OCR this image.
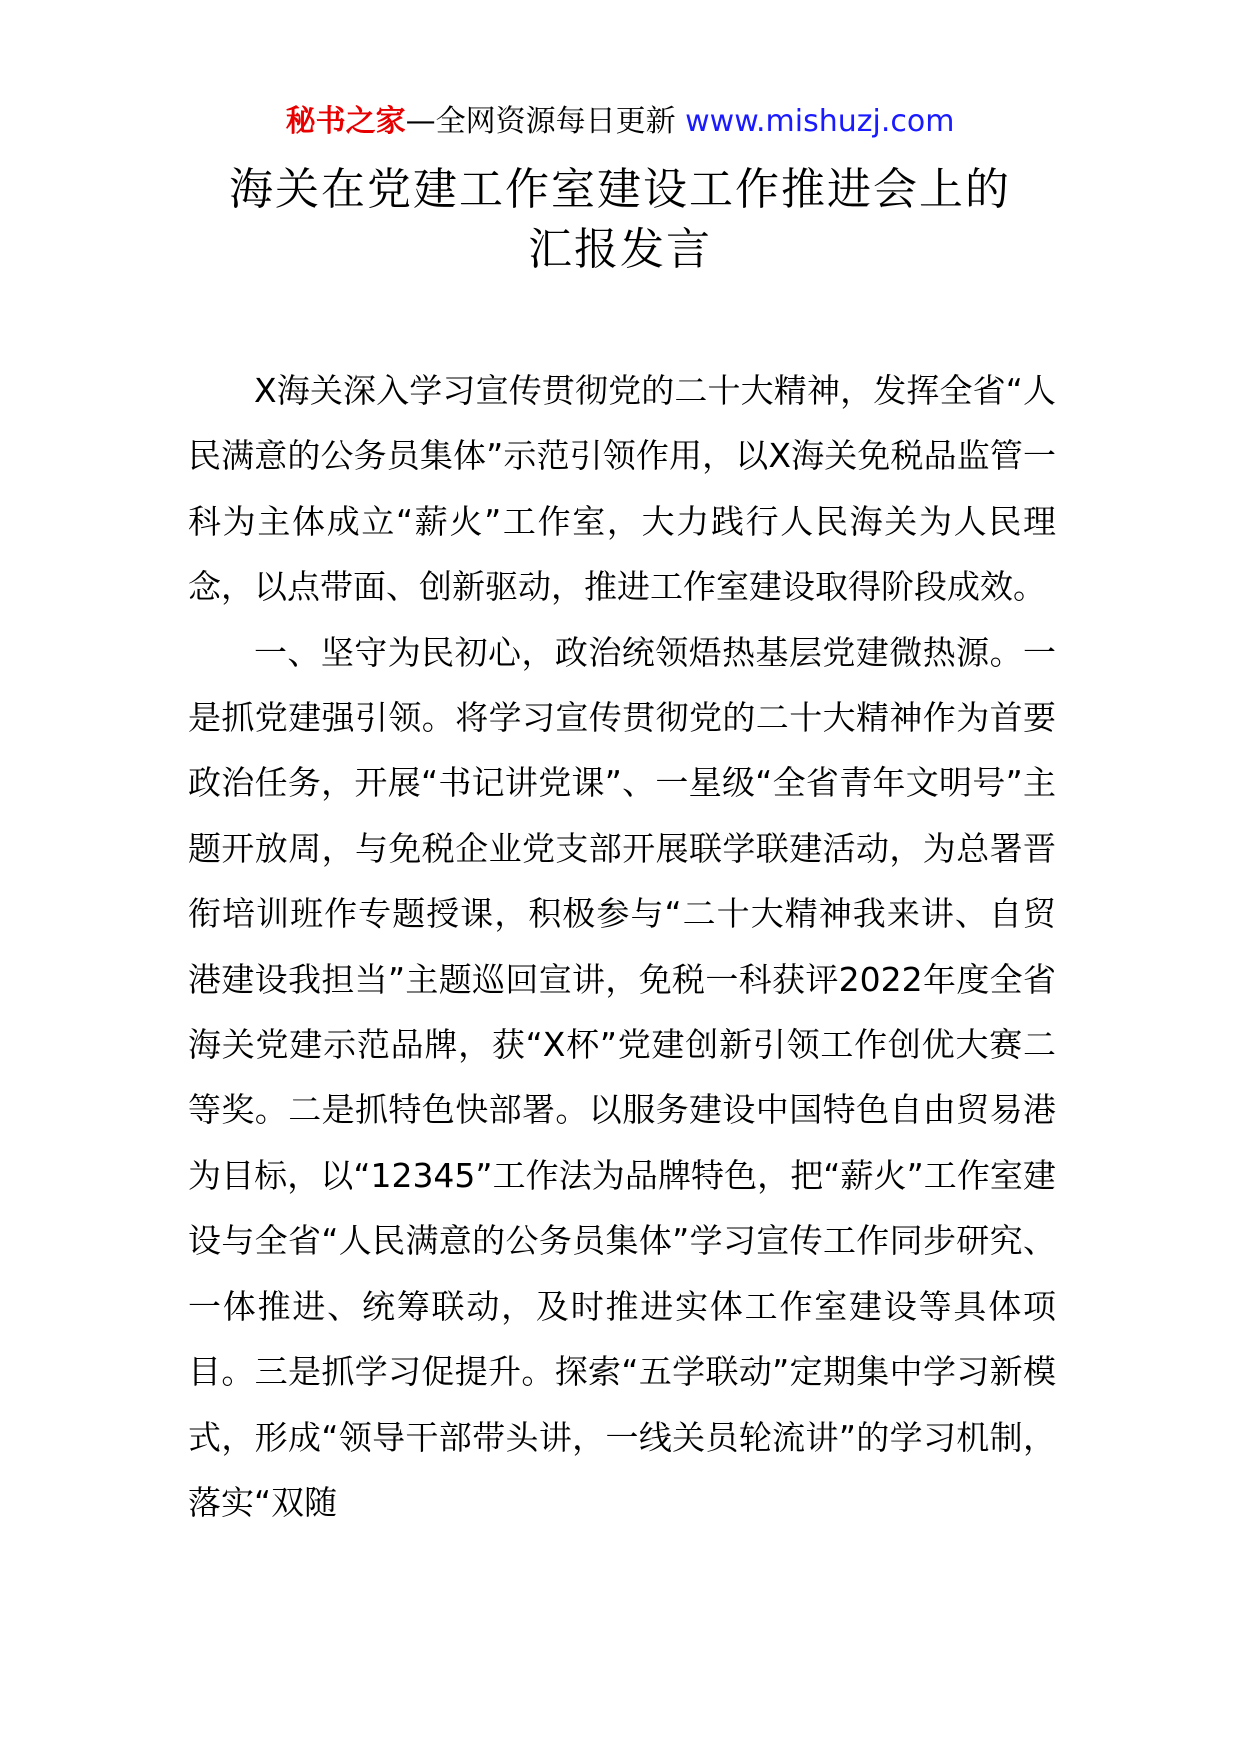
秘书之家—全网资源每日更新 www.mishuzj.com
海关在党建工作室建设工作推进会上的
汇报发言

X海关深入学习宣传贯彻党的二十大精神，发挥全省“人民满意的公务员集体”示范引领作用，以X海关免税品监管一科为主体成立“薪火”工作室，大力践行人民海关为人民理念，以点带面、创新驱动，推进工作室建设取得阶段成效。

一、坚守为民初心，政治统领焐热基层党建微热源。一是抓党建强引领。将学习宣传贯彻党的二十大精神作为首要政治任务，开展“书记讲党课”、一星级“全省青年文明号”主题开放周，与免税企业党支部开展联学联建活动，为总署晋衔培训班作专题授课，积极参与“二十大精神我来讲、自贸港建设我担当”主题巡回宣讲，免税一科获评2022年度全省海关党建示范品牌，获“X杯”党建创新引领工作创优大赛二等奖。二是抓特色快部署。以服务建设中国特色自由贸易港为目标，以“12345”工作法为品牌特色，把“薪火”工作室建设与全省“人民满意的公务员集体”学习宣传工作同步研究、一体推进、统筹联动，及时推进实体工作室建设等具体项目。三是抓学习促提升。探索“五学联动”定期集中学习新模式，形成“领导干部带头讲，一线关员轮流讲”的学习机制，落实“双随
